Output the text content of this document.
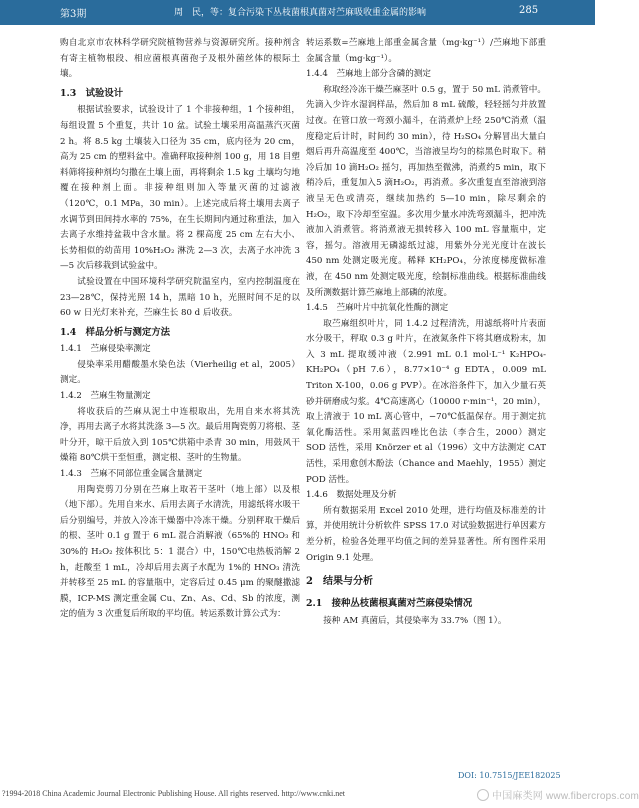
第3期	周　民，等：复合污染下丛枝菌根真菌对苎麻吸收重金属的影响	285

购自北京市农林科学研究院植物营养与资源研究所。接种剂含有寄主植物根段、相应菌根真菌孢子及根外菌丝体的根际土壤。

1.3　试验设计

根据试验要求，试验设计了 1 个非接种组，1 个接种组，每组设置 5 个重复，共计 10 盆。试验土壤采用高温蒸汽灭菌 2 h。将 8.5 kg 土壤装入口径为 35 cm，底内径为 20 cm，高为 25 cm 的塑料盆中。准确秤取接种剂 100 g，用 18 目塑料筛将接种剂均匀撒在土壤上面，再将剩余 1.5 kg 土壤均匀地覆在接种剂上面。非接种组则加入等量灭菌的过滤液（120℃，0.1 MPa，30 min）。上述完成后将土壤用去离子水调节到田间持水率的 75%，在生长期间内通过称重法，加入去离子水维持盆栽中含水量。将 2 棵高度 25 cm 左右大小、长势相似的幼苗用 10%H₂O₂ 淋洗 2—3 次，去离子水冲洗 3—5 次后移栽到试验盆中。

试验设置在中国环境科学研究院温室内，室内控制温度在 23—28℃，保持光照 14 h，黑暗 10 h，光照时间不足的以 60 w 日光灯来补充，苎麻生长 80 d 后收获。

1.4　样品分析与测定方法
1.4.1　苎麻侵染率测定

侵染率采用醋酸墨水染色法（Vierheilig et al，2005）测定。

1.4.2　苎麻生物量测定

将收获后的苎麻从泥土中连根取出，先用自来水将其洗净，再用去离子水将其洗涤 3—5 次。最后用陶瓷剪刀将根、茎叶分开，晾干后放入到 105℃烘箱中杀青 30 min，用鼓风干燥箱 80℃烘干至恒重，测定根、茎叶的生物量。

1.4.3　苎麻不同部位重金属含量测定

用陶瓷剪刀分别在苎麻上取若干茎叶（地上部）以及根（地下部）。先用自来水、后用去离子水清洗，用滤纸将水吸干后分别编号，并放入冷冻干燥器中冷冻干燥。分别秤取干燥后的根、茎叶 0.1 g 置于 6 mL 混合消解液（65%的 HNO₃ 和 30%的 H₂O₂ 按体积比 5：1 混合）中，150℃电热板消解 2 h，赶酸至 1 mL，冷却后用去离子水配为 1%的 HNO₃ 清洗并转移至 25 mL 的容量瓶中，定容后过 0.45 μm 的聚醚撒滤膜，ICP-MS 测定重金属 Cu、Zn、As、Cd、Sb 的浓度，测定的值为 3 次重复后所取的平均值。转运系数计算公式为：

转运系数=苎麻地上部重金属含量（mg·kg⁻¹）/苎麻地下部重金属含量（mg·kg⁻¹）。

1.4.4　苎麻地上部分含磷的测定

称取经冷冻干燥苎麻茎叶 0.5 g，置于 50 mL 消煮管中。先滴入少许水湿润样品，然后加 8 mL 硫酸，轻轻摇匀并放置过夜。在管口放一弯颈小漏斗，在消煮炉上经 250℃消煮（温度稳定后计时，时间约 30 min），待 H₂SO₄ 分解冒出大量白烟后再升高温度至 400℃，当溶液呈均匀的棕黑色时取下。稍冷后加 10 滴H₂O₂ 摇匀，再加热至微沸，消煮约5 min，取下稍冷后，重复加入5 滴H₂O₂，再消煮。多次重复直至溶液到溶液呈无色或清亮，继续加热约 5—10 min，除尽剩余的 H₂O₂，取下冷却至室温。多次用少量水冲洗弯颈漏斗，把冲洗液加入消煮管。将消煮液无损转移入 100 mL 容量瓶中，定容，摇匀。溶液用无磷滤纸过滤，用紫外分光光度计在波长 450 nm 处测定吸光度。稀释 KH₂PO₄，分浓度梯度做标准液，在 450 nm 处测定吸光度，绘制标准曲线。根据标准曲线及所测数据计算苎麻地上部磷的浓度。

1.4.5　苎麻叶片中抗氧化性酶的测定

取苎麻组织叶片，同 1.4.2 过程清洗，用滤纸将叶片表面水分吸干，秤取 0.3 g 叶片，在液氮条件下将其磨成粉末，加入 3 mL 提取缓冲液（2.991 mL 0.1 mol·L⁻¹ K₂HPO₄-KH₂PO₄（pH 7.6），8.77×10⁻⁴ g EDTA，0.009 mL Triton X-100，0.06 g PVP）。在冰浴条件下，加入少量石英砂并研磨成匀浆。4℃高速离心（10000 r·min⁻¹，20 min），取上清液于 10 mL 离心管中，−70℃低温保存。用于测定抗氧化酶活性。采用氮蓝四唑比色法（李合生，2000）测定 SOD 活性，采用 Knörzer et al（1996）文中方法测定 CAT 活性，采用愈创木酚法（Chance and Maehly，1955）测定 POD 活性。

1.4.6　数据处理及分析

所有数据采用 Excel 2010 处理，进行均值及标准差的计算，并使用统计分析软件 SPSS 17.0 对试验数据进行单因素方差分析，检验各处理平均值之间的差异显著性。所有图件采用 Origin 9.1 处理。

2　结果与分析
2.1　接种丛枝菌根真菌对苎麻侵染情况

接种 AM 真菌后，其侵染率为 33.7%（图 1）。

DOI: 10.7515/JEE182025
?1994-2018 China Academic Journal Electronic Publishing House. All rights reserved. http://www.cnki.net	中国麻类网 www.fibercrops.com
